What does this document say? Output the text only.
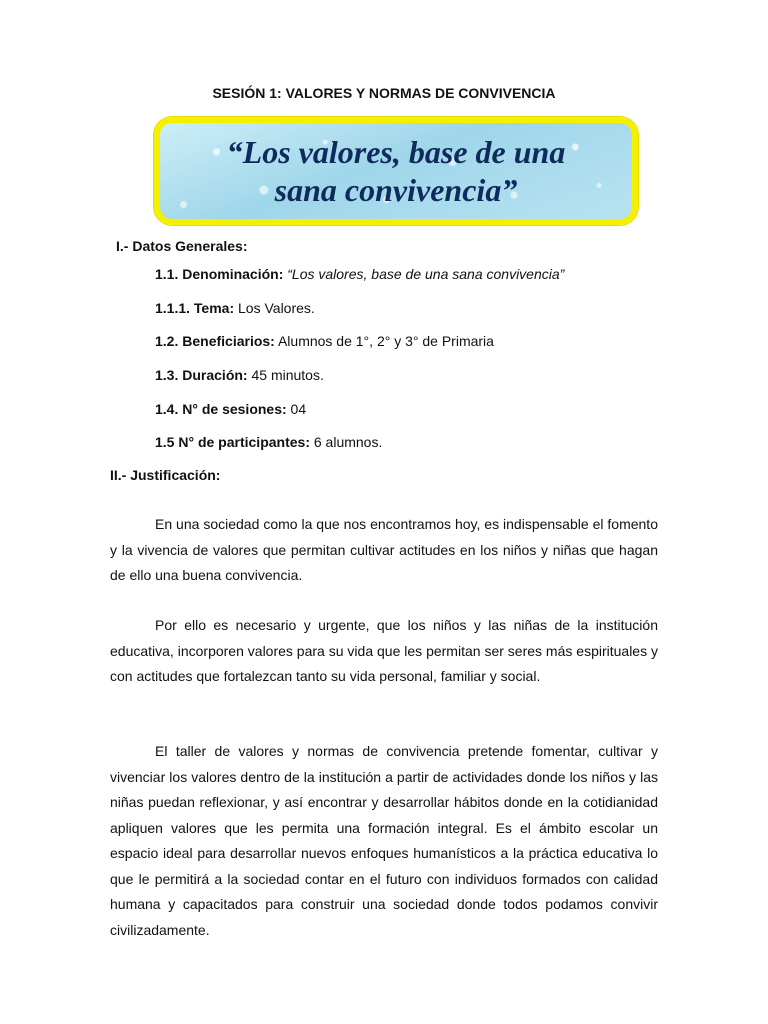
SESIÓN 1: VALORES Y NORMAS DE CONVIVENCIA
“Los valores, base de una
sana convivencia”
I.- Datos Generales:
1.1. Denominación: “Los valores, base de una sana convivencia”
1.1.1. Tema: Los Valores.
1.2. Beneficiarios: Alumnos de 1°, 2° y 3° de Primaria
1.3. Duración: 45 minutos.
1.4. N° de sesiones: 04
1.5 N° de participantes: 6 alumnos.
II.- Justificación:
En una sociedad como la que nos encontramos hoy, es indispensable el fomento y la vivencia de valores que permitan cultivar actitudes en los niños y niñas que hagan de ello una buena convivencia.
Por ello es necesario y urgente, que los niños y las niñas de la institución educativa, incorporen valores para su vida que les permitan ser seres más espirituales y con actitudes que fortalezcan tanto su vida personal, familiar y social.
El taller de valores y normas de convivencia pretende fomentar, cultivar y vivenciar los valores dentro de la institución a partir de actividades donde los niños y las niñas puedan reflexionar, y así encontrar y desarrollar hábitos donde en la cotidianidad apliquen valores que les permita una formación integral. Es el ámbito escolar un espacio ideal para desarrollar nuevos enfoques humanísticos a la práctica educativa lo que le permitirá a la sociedad contar en el futuro con individuos formados con calidad humana y capacitados para construir una sociedad donde todos podamos convivir civilizadamente.
